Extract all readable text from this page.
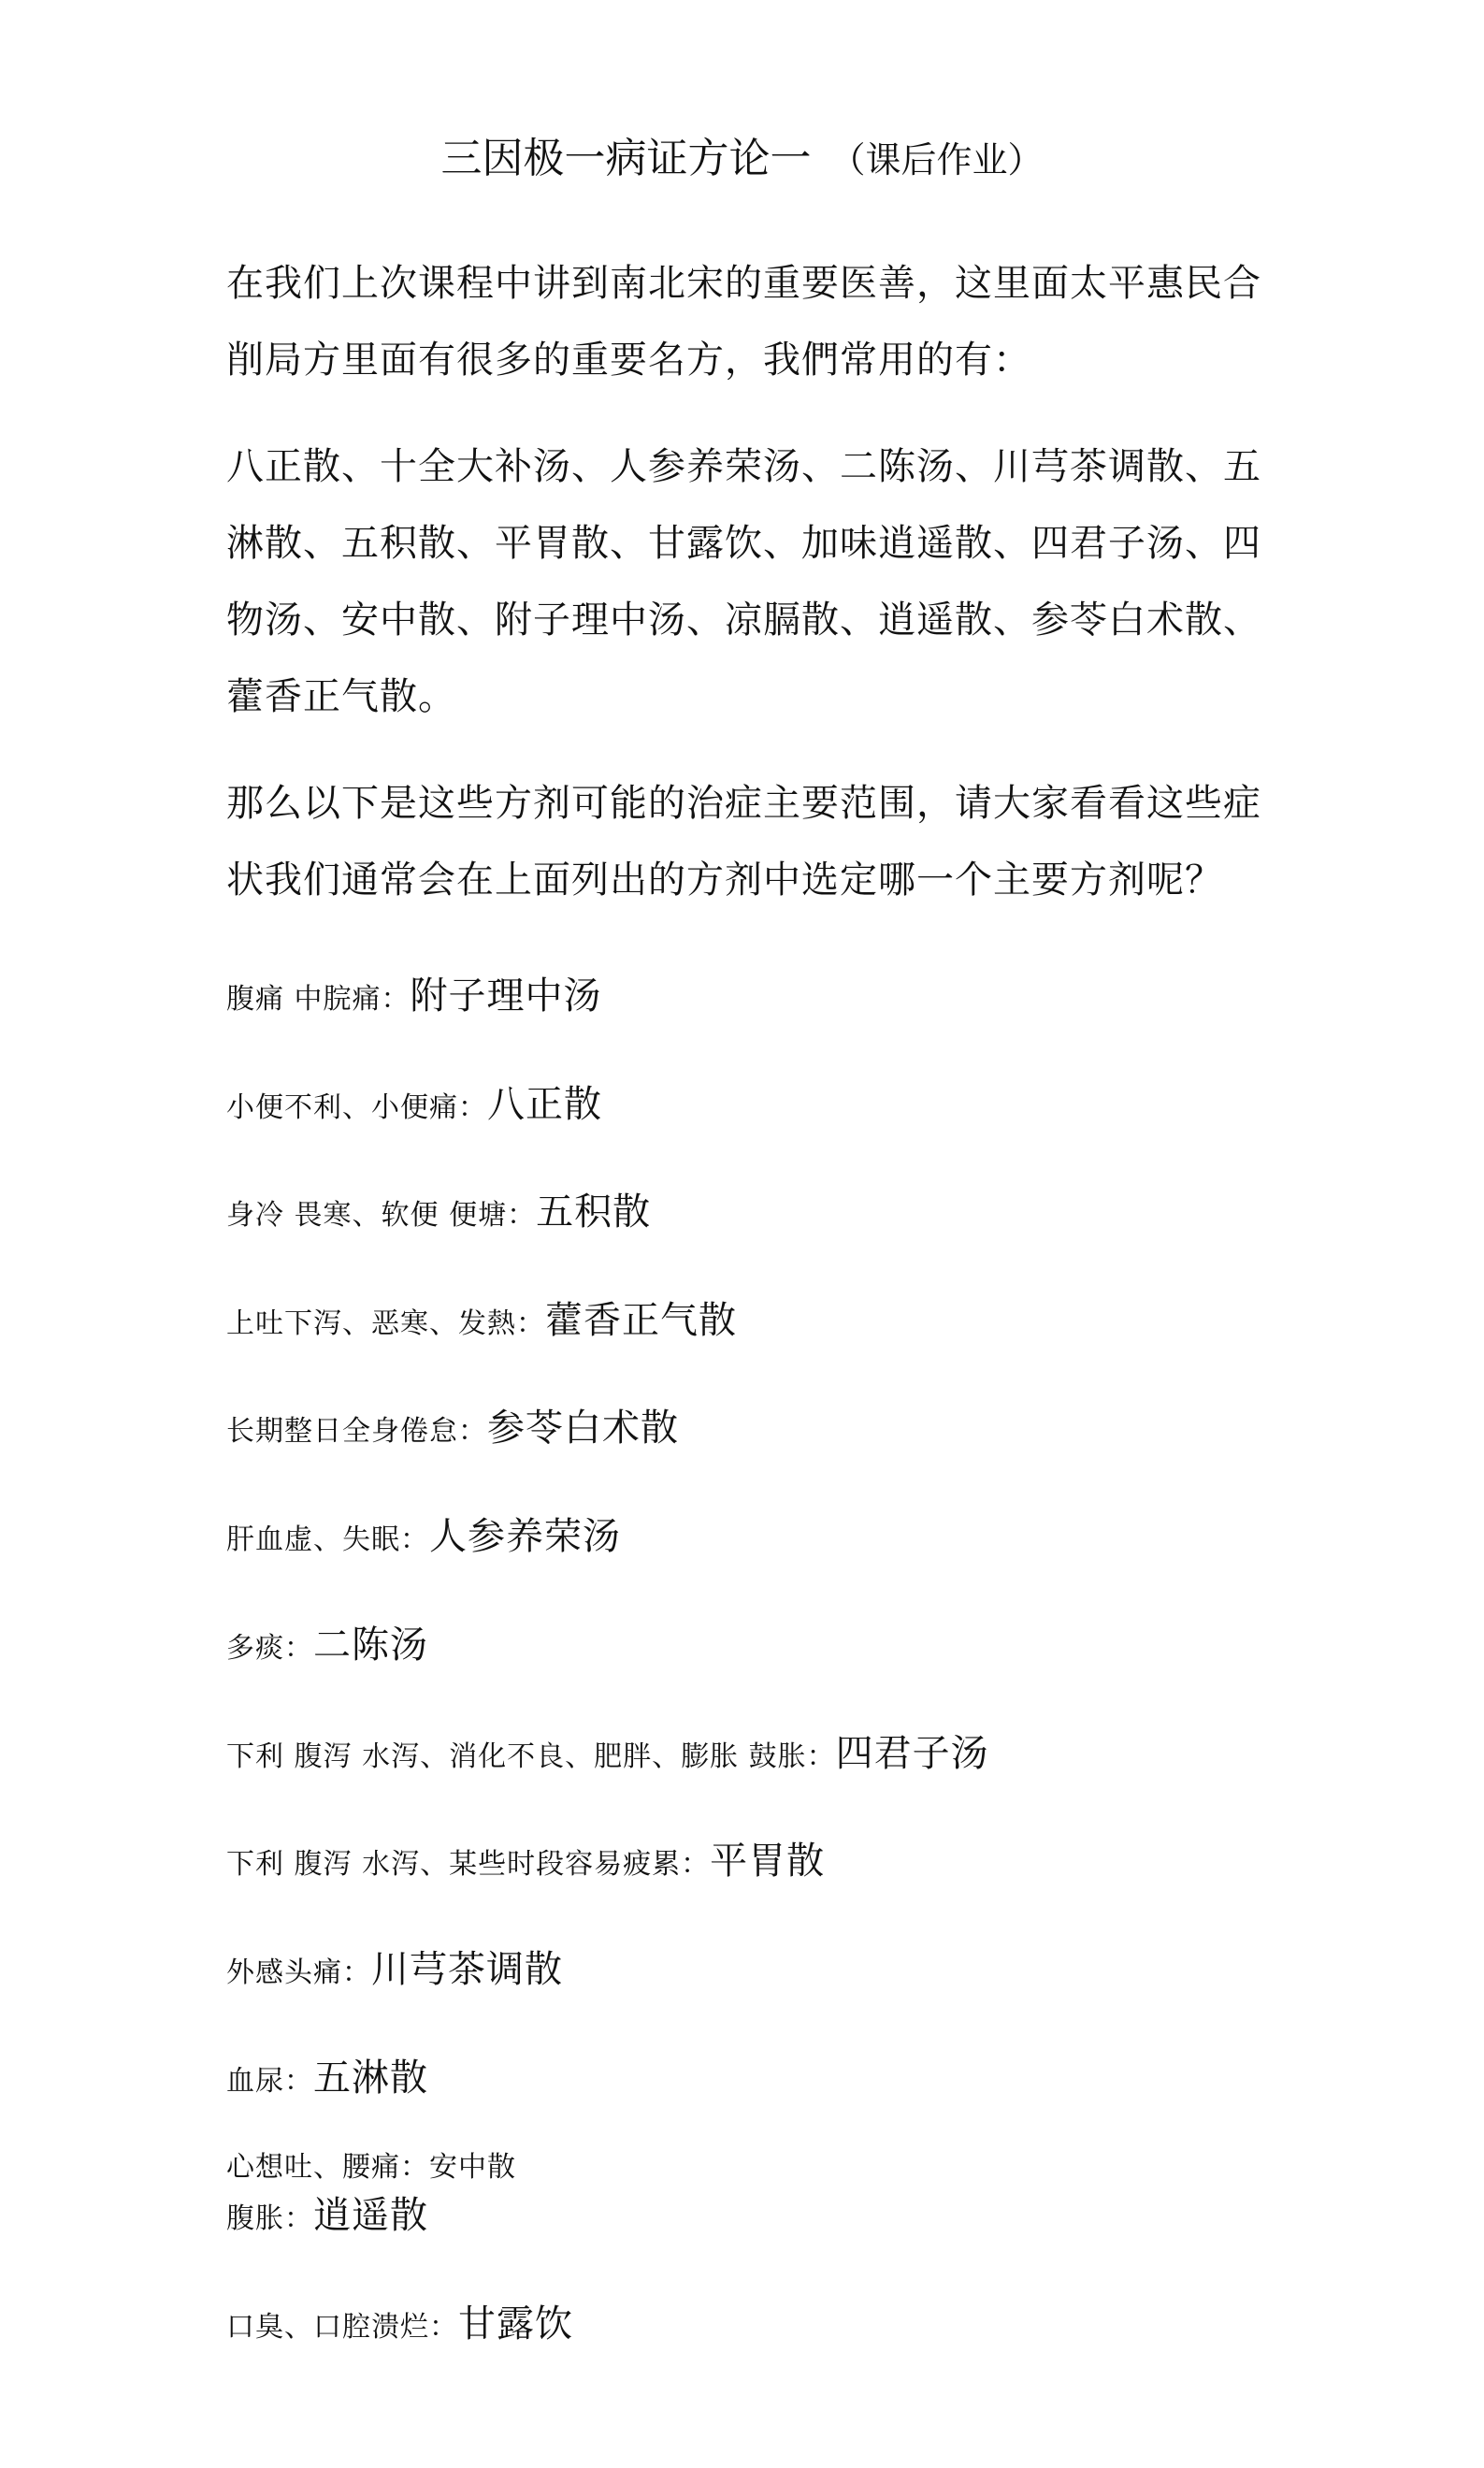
三因极一病证方论一 （课后作业）
在我们上次课程中讲到南北宋的重要医善，这里面太平惠民合削局方里面有很多的重要名方，我們常用的有：
八正散、十全大补汤、人参养荣汤、二陈汤、川芎茶调散、五淋散、五积散、平胃散、甘露饮、加味逍遥散、四君子汤、四物汤、安中散、附子理中汤、凉膈散、逍遥散、参苓白术散、藿香正气散。
那么以下是这些方剂可能的治症主要范围，请大家看看这些症状我们通常会在上面列出的方剂中选定哪一个主要方剂呢？
腹痛 中脘痛：附子理中汤
小便不利、小便痛：八正散
身冷 畏寒、软便 便塘：五积散
上吐下泻、恶寒、发熱：藿香正气散
长期整日全身倦怠：参苓白术散
肝血虚、失眠：人参养荣汤
多痰：二陈汤
下利 腹泻 水泻、消化不良、肥胖、膨胀 鼓胀：四君子汤
下利 腹泻 水泻、某些时段容易疲累：平胃散
外感头痛：川芎茶调散
血尿：五淋散
心想吐、腰痛：安中散
腹胀：逍遥散
口臭、口腔溃烂：甘露饮
